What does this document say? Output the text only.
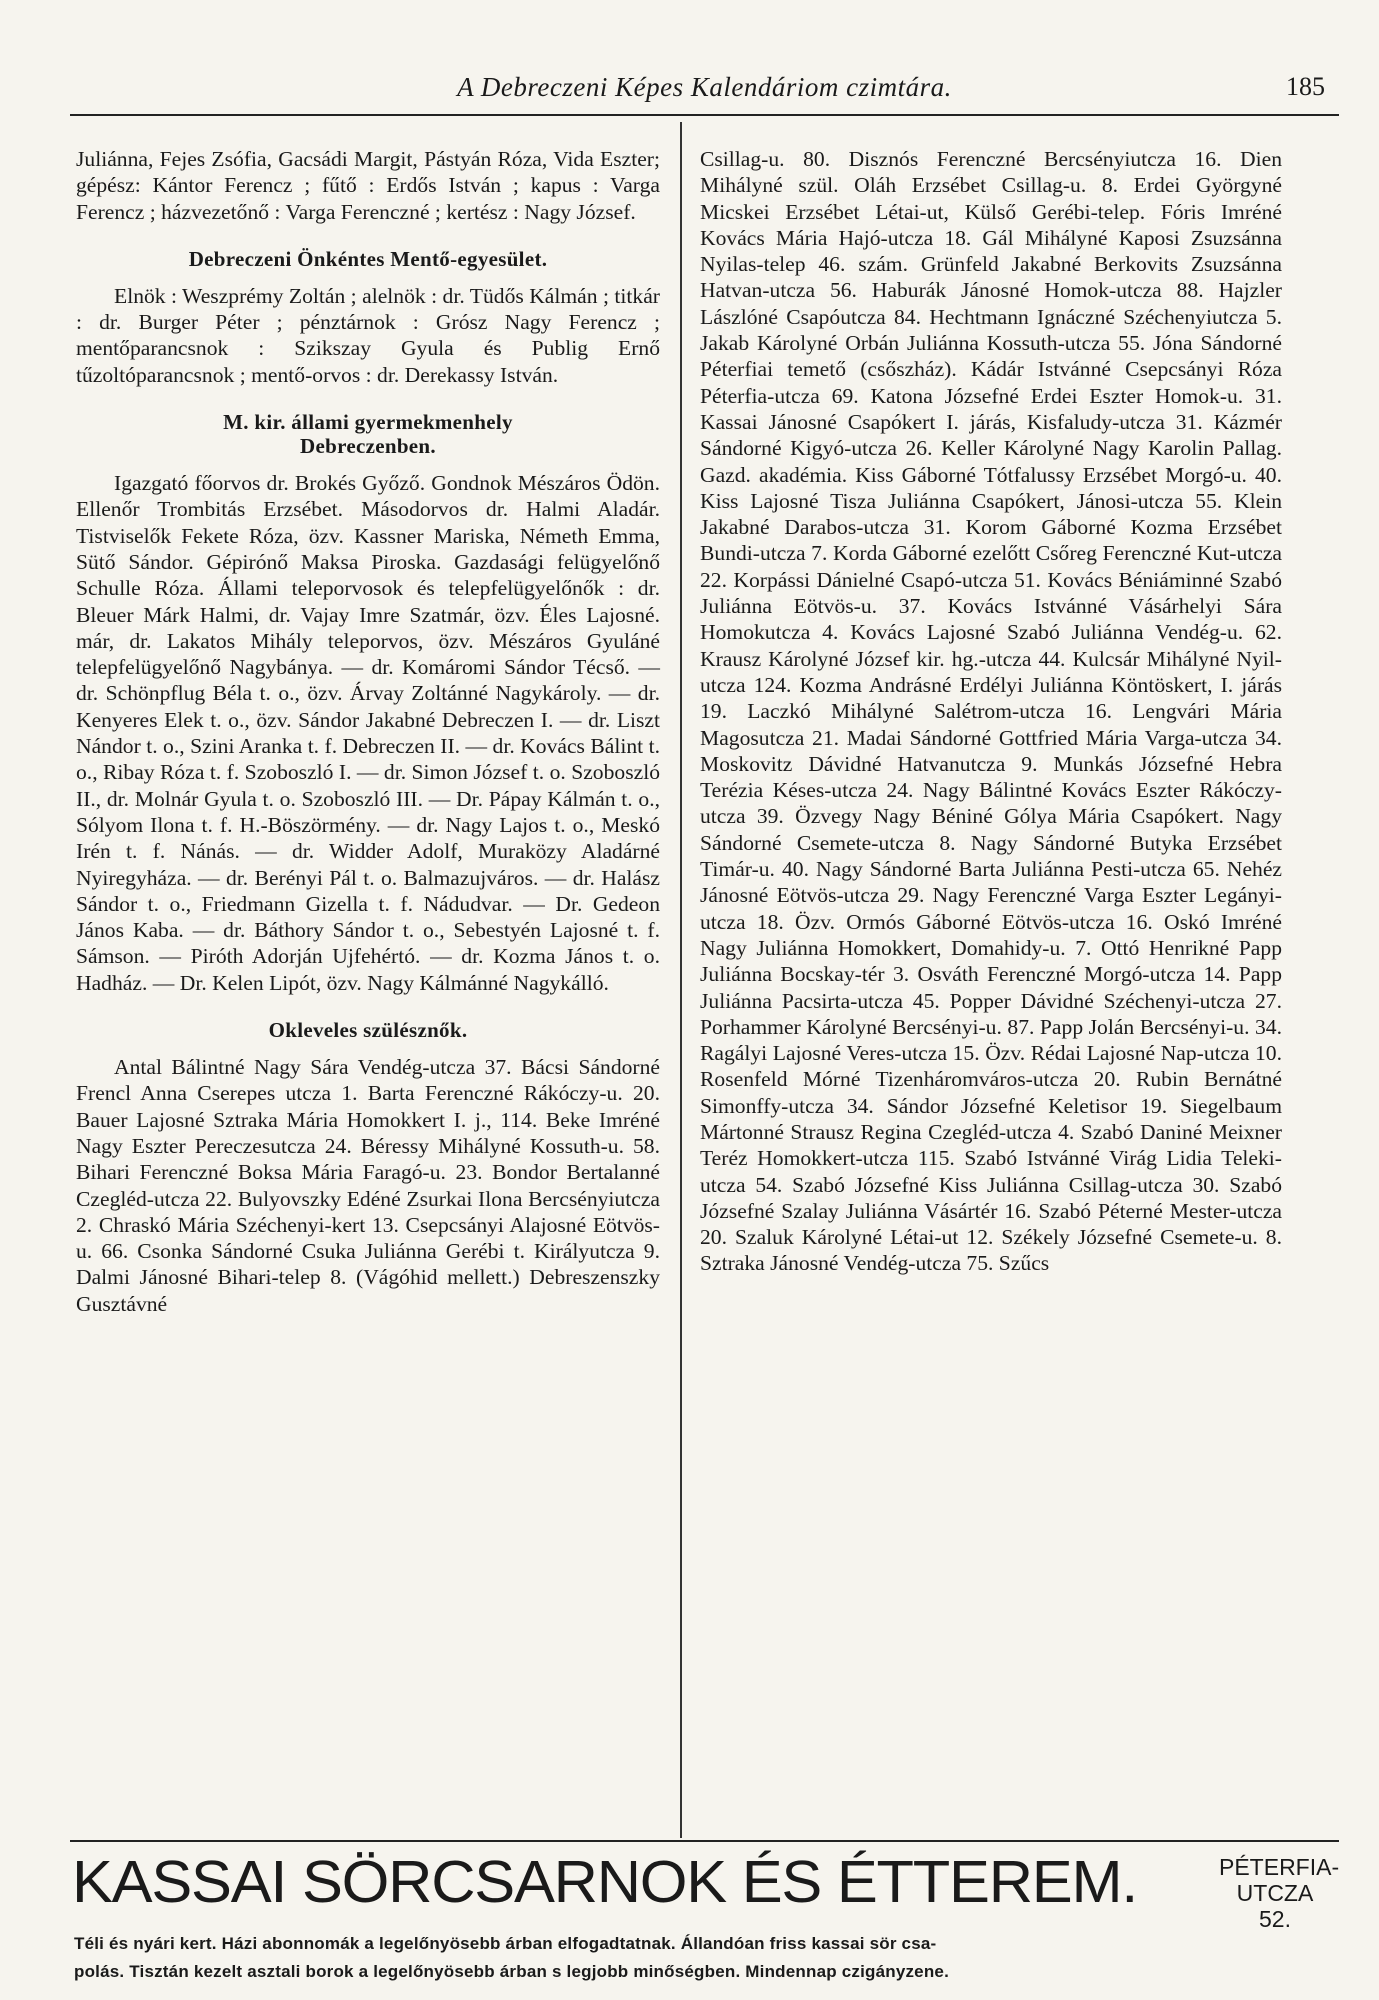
A Debreczeni Képes Kalendáriom czimtára.	185

Juliánna, Fejes Zsófia, Gacsádi Margit, Pástyán Róza, Vida Eszter; gépész: Kántor Ferencz ; fűtő : Erdős István ; kapus : Varga Ferencz ; házvezetőnő : Varga Ferenczné ; kertész : Nagy József.

Debreczeni Önkéntes Mentő-egyesület.

Elnök : Weszprémy Zoltán ; alelnök : dr. Tüdős Kálmán ; titkár : dr. Burger Péter ; pénztárnok : Grósz Nagy Ferencz ; mentőparancsnok : Szikszay Gyula és Publig Ernő tűzoltóparancsnok ; mentő-orvos : dr. Derekassy István.

M. kir. állami gyermekmenhely
Debreczenben.

Igazgató főorvos dr. Brokés Győző. Gondnok Mészáros Ödön. Ellenőr Trombitás Erzsébet. Másodorvos dr. Halmi Aladár. Tistviselők Fekete Róza, özv. Kassner Mariska, Németh Emma, Sütő Sándor. Gépirónő Maksa Piroska. Gazdasági felügyelőnő Schulle Róza. Állami teleporvosok és telepfelügyelőnők : dr. Bleuer Márk Halmi, dr. Vajay Imre Szatmár, özv. Éles Lajosné. már, dr. Lakatos Mihály teleporvos, özv. Mészáros Gyuláné telepfelügyelőnő Nagybánya. — dr. Komáromi Sándor Técső. — dr. Schönpflug Béla t. o., özv. Árvay Zoltánné Nagykároly. — dr. Kenyeres Elek t. o., özv. Sándor Jakabné Debreczen I. — dr. Liszt Nándor t. o., Szini Aranka t. f. Debreczen II. — dr. Kovács Bálint t. o., Ribay Róza t. f. Szoboszló I. — dr. Simon József t. o. Szoboszló II., dr. Molnár Gyula t. o. Szoboszló III. — Dr. Pápay Kálmán t. o., Sólyom Ilona t. f. H.-Böszörmény. — dr. Nagy Lajos t. o., Meskó Irén t. f. Nánás. — dr. Widder Adolf, Muraközy Aladárné Nyiregyháza. — dr. Berényi Pál t. o. Balmazujváros. — dr. Halász Sándor t. o., Friedmann Gizella t. f. Nádudvar. — Dr. Gedeon János Kaba. — dr. Báthory Sándor t. o., Sebestyén Lajosné t. f. Sámson. — Piróth Adorján Ujfehértó. — dr. Kozma János t. o. Hadház. — Dr. Kelen Lipót, özv. Nagy Kálmánné Nagykálló.

Okleveles szülésznők.

Antal Bálintné Nagy Sára Vendég-utcza 37. Bácsi Sándorné Frencl Anna Cserepes utcza 1. Barta Ferenczné Rákóczy-u. 20. Bauer Lajosné Sztraka Mária Homokkert I. j., 114. Beke Imréné Nagy Eszter Pereczesutcza 24. Béressy Mihályné Kossuth-u. 58. Bihari Ferenczné Boksa Mária Faragó-u. 23. Bondor Bertalanné Czegléd-utcza 22. Bulyovszky Edéné Zsurkai Ilona Bercsényiutcza 2. Chraskó Mária Széchenyi-kert 13. Csepcsányi Alajosné Eötvös-u. 66. Csonka Sándorné Csuka Juliánna Gerébi t. Királyutcza 9. Dalmi Jánosné Bihari-telep 8. (Vágóhid mellett.) Debreszenszky Gusztávné

Csillag-u. 80. Disznós Ferenczné Bercsényiutcza 16. Dien Mihályné szül. Oláh Erzsébet Csillag-u. 8. Erdei Györgyné Micskei Erzsébet Létai-ut, Külső Gerébi-telep. Fóris Imréné Kovács Mária Hajó-utcza 18. Gál Mihályné Kaposi Zsuzsánna Nyilas-telep 46. szám. Grünfeld Jakabné Berkovits Zsuzsánna Hatvan-utcza 56. Haburák Jánosné Homok-utcza 88. Hajzler Lászlóné Csapóutcza 84. Hechtmann Ignáczné Széchenyiutcza 5. Jakab Károlyné Orbán Juliánna Kossuth-utcza 55. Jóna Sándorné Péterfiai temető (csőszház). Kádár Istvánné Csepcsányi Róza Péterfia-utcza 69. Katona Józsefné Erdei Eszter Homok-u. 31. Kassai Jánosné Csapókert I. járás, Kisfaludy-utcza 31. Kázmér Sándorné Kigyó-utcza 26. Keller Károlyné Nagy Karolin Pallag. Gazd. akadémia. Kiss Gáborné Tótfalussy Erzsébet Morgó-u. 40. Kiss Lajosné Tisza Juliánna Csapókert, Jánosi-utcza 55. Klein Jakabné Darabos-utcza 31. Korom Gáborné Kozma Erzsébet Bundi-utcza 7. Korda Gáborné ezelőtt Csőreg Ferenczné Kut-utcza 22. Korpássi Dánielné Csapó-utcza 51. Kovács Béniáminné Szabó Juliánna Eötvös-u. 37. Kovács Istvánné Vásárhelyi Sára Homokutcza 4. Kovács Lajosné Szabó Juliánna Vendég-u. 62. Krausz Károlyné József kir. hg.-utcza 44. Kulcsár Mihályné Nyil-utcza 124. Kozma Andrásné Erdélyi Juliánna Köntöskert, I. járás 19. Laczkó Mihályné Salétrom-utcza 16. Lengvári Mária Magosutcza 21. Madai Sándorné Gottfried Mária Varga-utcza 34. Moskovitz Dávidné Hatvanutcza 9. Munkás Józsefné Hebra Terézia Késes-utcza 24. Nagy Bálintné Kovács Eszter Rákóczy-utcza 39. Özvegy Nagy Béniné Gólya Mária Csapókert. Nagy Sándorné Csemete-utcza 8. Nagy Sándorné Butyka Erzsébet Timár-u. 40. Nagy Sándorné Barta Juliánna Pesti-utcza 65. Nehéz Jánosné Eötvös-utcza 29. Nagy Ferenczné Varga Eszter Legányi-utcza 18. Özv. Ormós Gáborné Eötvös-utcza 16. Oskó Imréné Nagy Juliánna Homokkert, Domahidy-u. 7. Ottó Henrikné Papp Juliánna Bocskay-tér 3. Osváth Ferenczné Morgó-utcza 14. Papp Juliánna Pacsirta-utcza 45. Popper Dávidné Széchenyi-utcza 27. Porhammer Károlyné Bercsényi-u. 87. Papp Jolán Bercsényi-u. 34. Ragályi Lajosné Veres-utcza 15. Özv. Rédai Lajosné Nap-utcza 10. Rosenfeld Mórné Tizenháromváros-utcza 20. Rubin Bernátné Simonffy-utcza 34. Sándor Józsefné Keletisor 19. Siegelbaum Mártonné Strausz Regina Czegléd-utcza 4. Szabó Daniné Meixner Teréz Homokkert-utcza 115. Szabó Istvánné Virág Lidia Teleki-utcza 54. Szabó Józsefné Kiss Juliánna Csillag-utcza 30. Szabó Józsefné Szalay Juliánna Vásártér 16. Szabó Péterné Mester-utcza 20. Szaluk Károlyné Létai-ut 12. Székely Józsefné Csemete-u. 8. Sztraka Jánosné Vendég-utcza 75. Szűcs

KASSAI SÖRCSARNOK ÉS ÉTTEREM.	PÉTERFIA-
UTCZA 52.
Téli és nyári kert. Házi abonnomák a legelőnyösebb árban elfogadtatnak. Állandóan friss kassai sör csa-
polás. Tisztán kezelt asztali borok a legelőnyösebb árban s legjobb minőségben. Mindennap czigányzene.
